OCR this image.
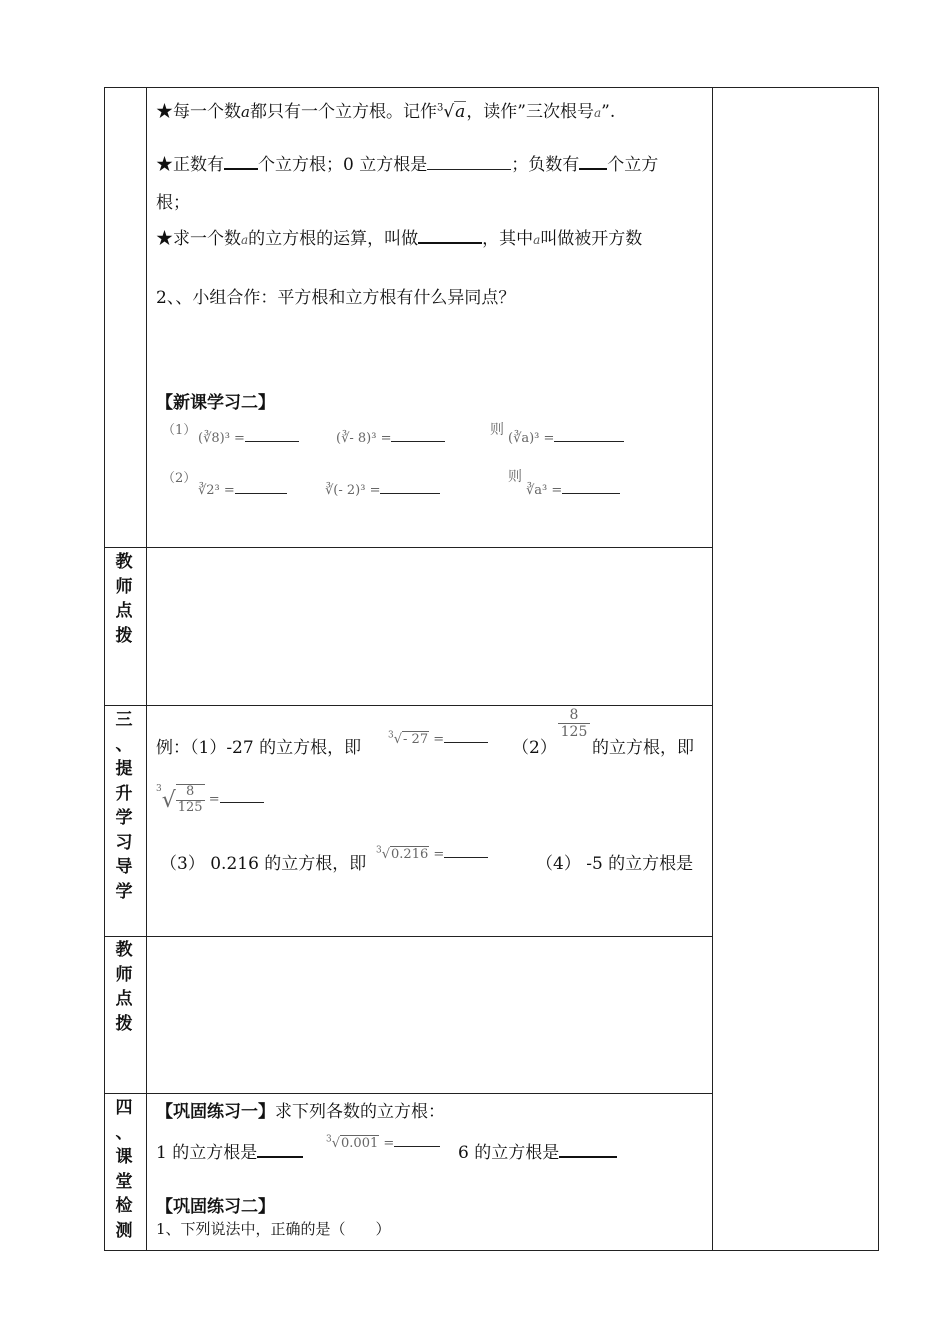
★每一个数a都只有一个立方根。记作$^3$√a，读作”三次根号a”.
★正数有 个立方根；0 立方根是	；负数有 个立方
根；
★求一个数a的立方根的运算，叫做	，其中a叫做被开方数
2、、小组合作：平方根和立方根有什么异同点？
【新课学习二】
（1）
(∛8)³ =	(∛- 8)³ =
则
(∛a)³ =
（2）
∛2³ =	∛(- 2)³ =
则
∛a³ =
教
师
点
拨
三
、
提
升
学
习
导
学
例：（1）-27 的立方根，即
$^3$√- 27 =	（2）
8
125
的立方根，即
$^3√ \frac{8}{125}$ =
（3） 0.216 的立方根，即
$^3$√0.216 =	（4） -5 的立方根是
教
师
点
拨
四
、
课
堂
检
测
【巩固练习一】求下列各数的立方根：
1 的立方根是
$^3$√0.001 =	6 的立方根是
【巩固练习二】
1、下列说法中，正确的是（　　）
